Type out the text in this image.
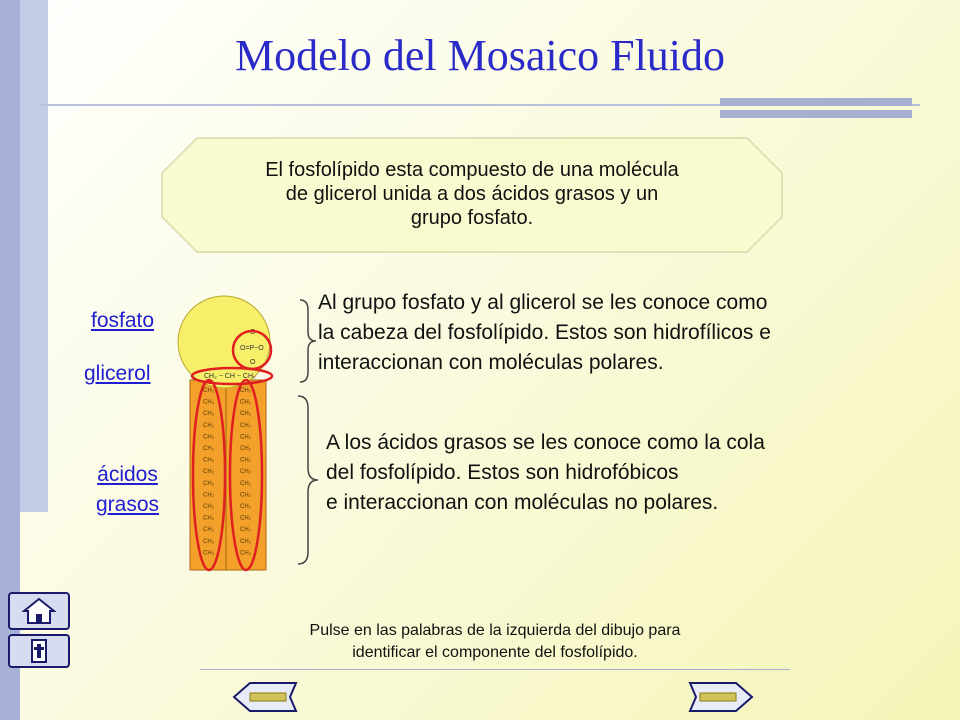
Modelo del Mosaico Fluido
El fosfolípido esta compuesto de una molécula
de glicerol unida a dos ácidos grasos y un
grupo fosfato.
O
O=P−O
O
CH₂ − CH − CH₂
CH₂
CH₂
CH₂
CH₂
CH₂
CH₂
CH₂
CH₂
CH₂
CH₂
CH₂
CH₂
CH₂
CH₂
CH₃
CH₂
CH₂
CH₂
CH₂
CH₂
CH₂
CH₂
CH₂
CH₂
CH₂
CH₂
CH₂
CH₂
CH₂
CH₃
fosfato
glicerol
ácidos
grasos
Al grupo fosfato y al glicerol se les conoce como
la cabeza del fosfolípido. Estos son hidrofílicos e
interaccionan con moléculas polares.
A los ácidos grasos se les conoce como la cola
del fosfolípido. Estos son hidrofóbicos
e interaccionan con moléculas no polares.
Pulse en las palabras de la izquierda del dibujo para
identificar el componente del fosfolípido.
